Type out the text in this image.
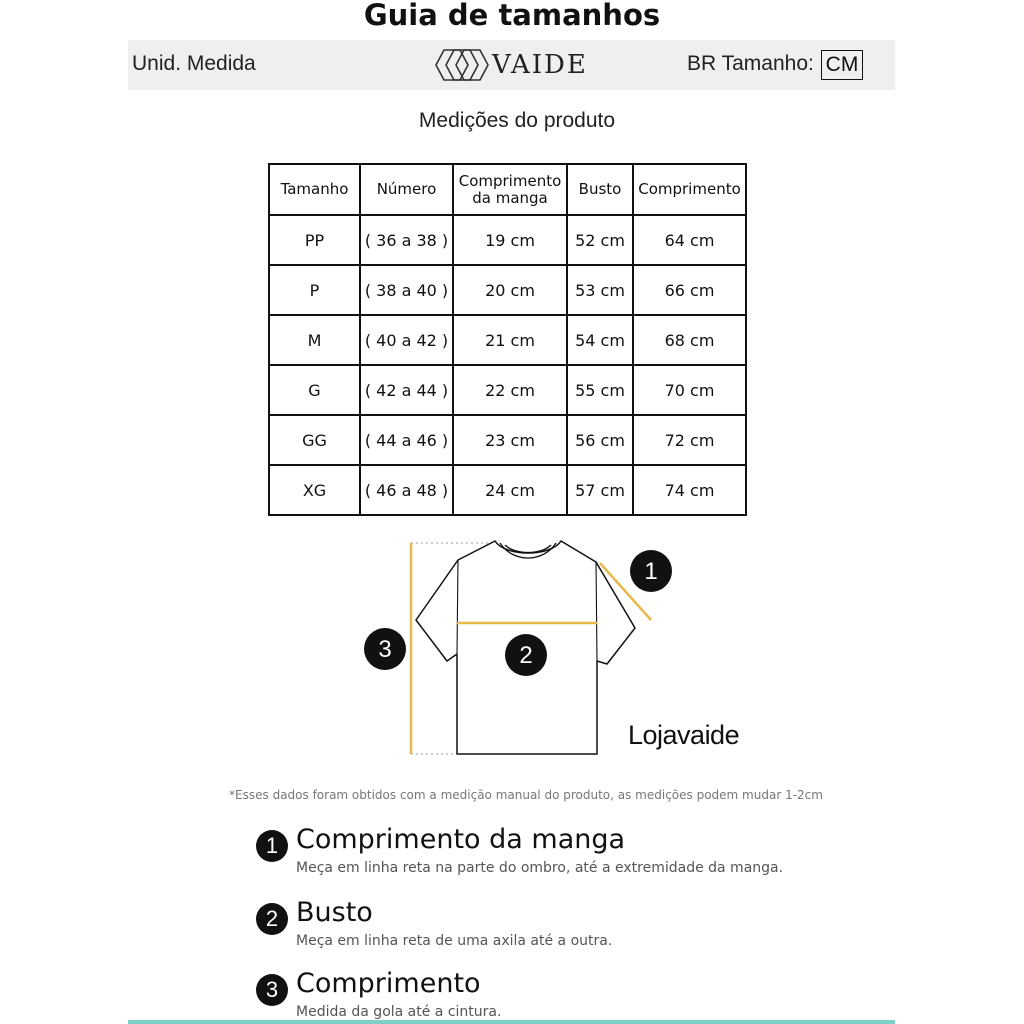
Guia de tamanhos
Unid. Medida	VAIDE	BR Tamanho: CM
Medições do produto
Tamanho	Número	Comprimento da manga	Busto	Comprimento
PP	( 36 a 38 )	19 cm	52 cm	64 cm
P	( 38 a 40 )	20 cm	53 cm	66 cm
M	( 40 a 42 )	21 cm	54 cm	68 cm
G	( 42 a 44 )	22 cm	55 cm	70 cm
GG	( 44 a 46 )	23 cm	56 cm	72 cm
XG	( 46 a 48 )	24 cm	57 cm	74 cm
1
2
3
Lojavaide
*Esses dados foram obtidos com a medição manual do produto, as medições podem mudar 1-2cm
1 Comprimento da manga
Meça em linha reta na parte do ombro, até a extremidade da manga.
2 Busto
Meça em linha reta de uma axila até a outra.
3 Comprimento
Medida da gola até a cintura.
